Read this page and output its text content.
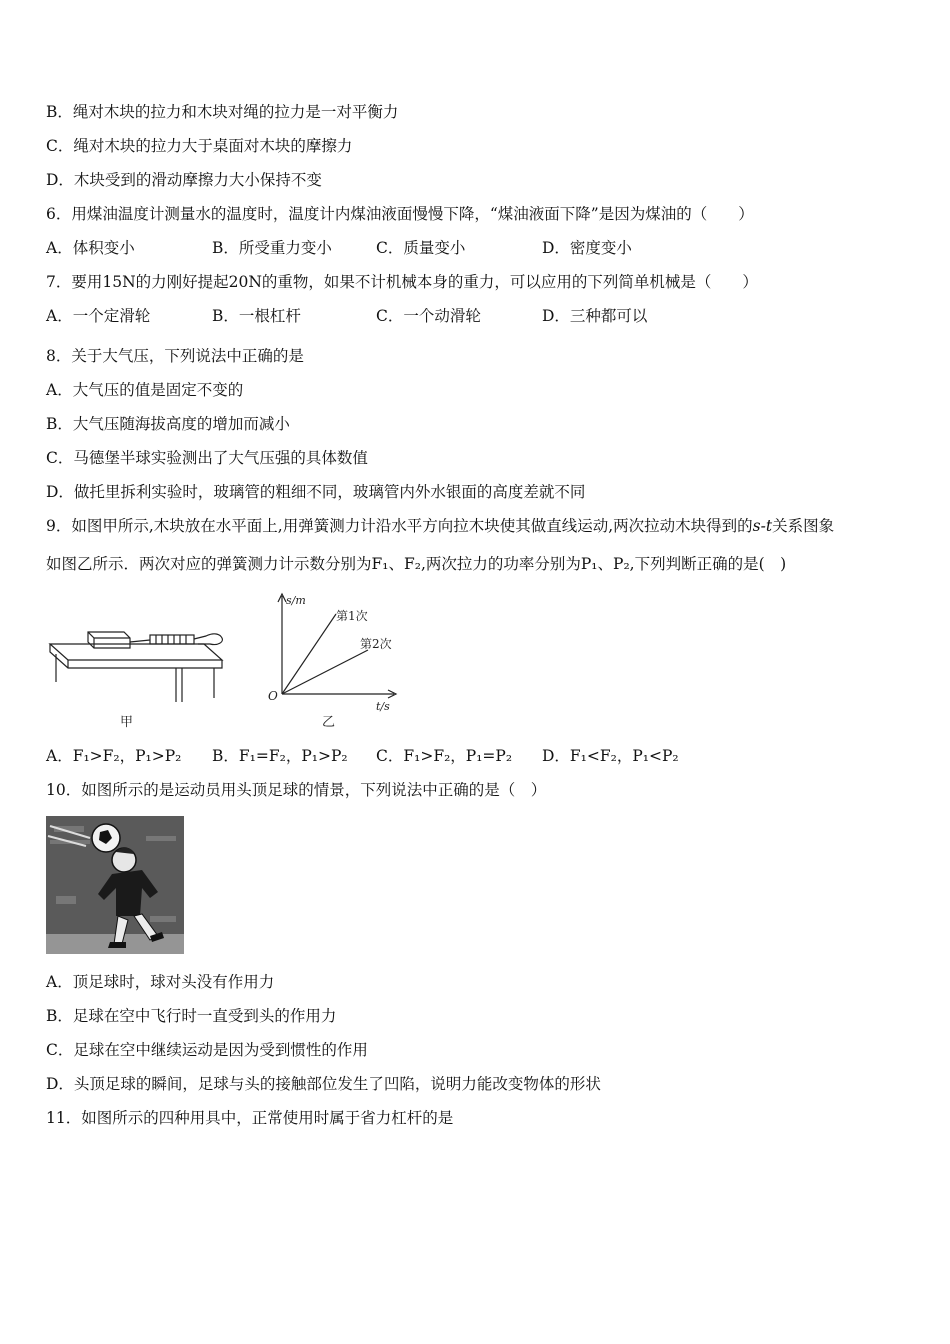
B．绳对木块的拉力和木块对绳的拉力是一对平衡力
C．绳对木块的拉力大于桌面对木块的摩擦力
D．木块受到的滑动摩擦力大小保持不变
6．用煤油温度计测量水的温度时，温度计内煤油液面慢慢下降，“煤油液面下降”是因为煤油的（　　）
A．体积变小	B．所受重力变小	C．质量变小	D．密度变小
7．要用15N的力刚好提起20N的重物，如果不计机械本身的重力，可以应用的下列简单机械是（　　）
A．一个定滑轮	B．一根杠杆	C．一个动滑轮	D．三种都可以
8．关于大气压，下列说法中正确的是
A．大气压的值是固定不变的
B．大气压随海拔高度的增加而减小
C．马德堡半球实验测出了大气压强的具体数值
D．做托里拆利实验时，玻璃管的粗细不同，玻璃管内外水银面的高度差就不同
9．如图甲所示,木块放在水平面上,用弹簧测力计沿水平方向拉木块使其做直线运动,两次拉动木块得到的s-t关系图象
如图乙所示．两次对应的弹簧测力计示数分别为F₁、F₂,两次拉力的功率分别为P₁、P₂,下列判断正确的是(　)
甲
s/m
t/s
O
第1次
第2次
乙
A．F₁>F₂，P₁>P₂ B．F₁=F₂，P₁>P₂ C．F₁>F₂，P₁=P₂ D．F₁<F₂，P₁<P₂
10．如图所示的是运动员用头顶足球的情景，下列说法中正确的是（　）
A．顶足球时，球对头没有作用力
B．足球在空中飞行时一直受到头的作用力
C．足球在空中继续运动是因为受到惯性的作用
D．头顶足球的瞬间，足球与头的接触部位发生了凹陷，说明力能改变物体的形状
11．如图所示的四种用具中，正常使用时属于省力杠杆的是
